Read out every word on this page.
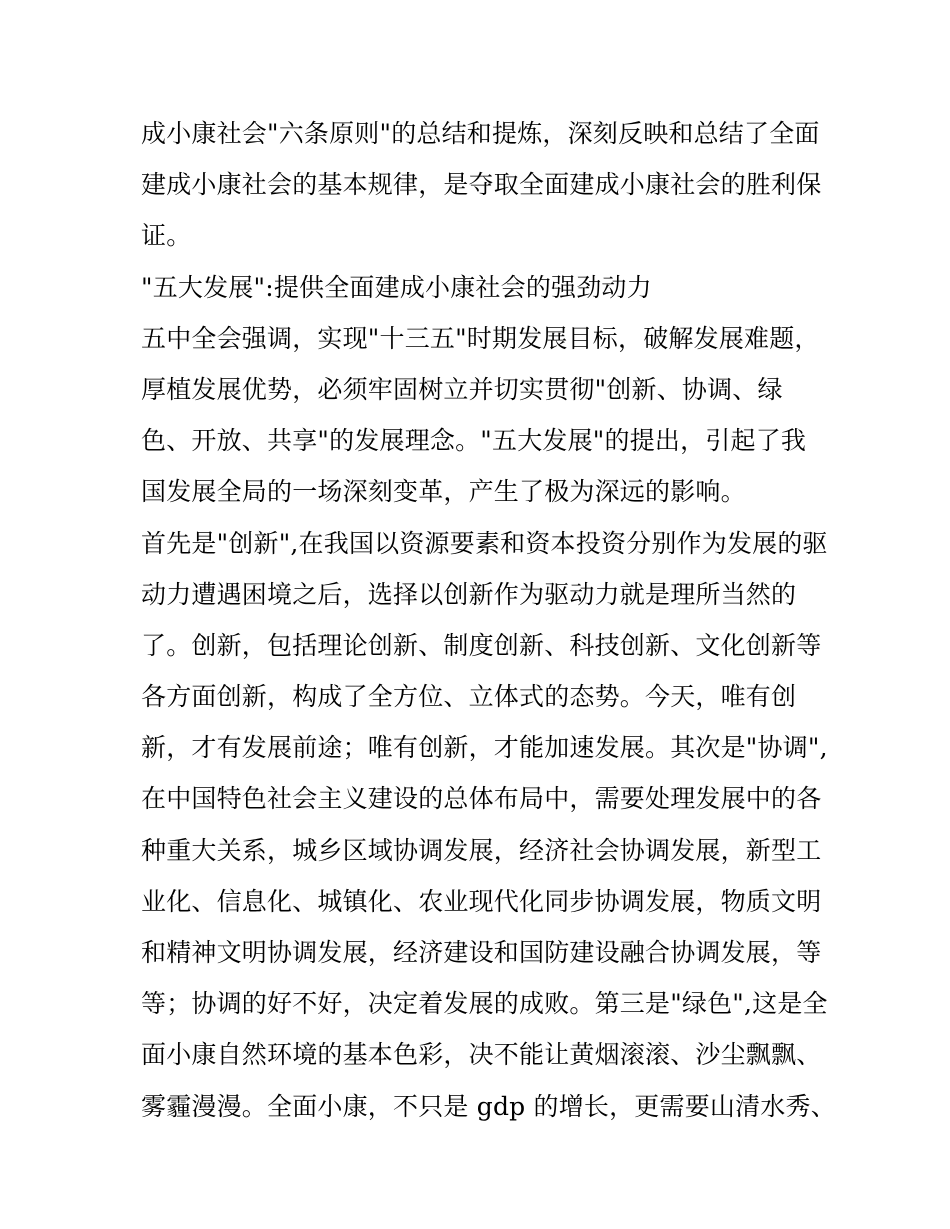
成小康社会"六条原则"的总结和提炼，深刻反映和总结了全面
建成小康社会的基本规律，是夺取全面建成小康社会的胜利保
证。
"五大发展":提供全面建成小康社会的强劲动力
五中全会强调，实现"十三五"时期发展目标，破解发展难题，
厚植发展优势，必须牢固树立并切实贯彻"创新、协调、绿
色、开放、共享"的发展理念。"五大发展"的提出，引起了我
国发展全局的一场深刻变革，产生了极为深远的影响。
首先是"创新",在我国以资源要素和资本投资分别作为发展的驱
动力遭遇困境之后，选择以创新作为驱动力就是理所当然的
了。创新，包括理论创新、制度创新、科技创新、文化创新等
各方面创新，构成了全方位、立体式的态势。今天，唯有创
新，才有发展前途；唯有创新，才能加速发展。其次是"协调",
在中国特色社会主义建设的总体布局中，需要处理发展中的各
种重大关系，城乡区域协调发展，经济社会协调发展，新型工
业化、信息化、城镇化、农业现代化同步协调发展，物质文明
和精神文明协调发展，经济建设和国防建设融合协调发展，等
等；协调的好不好，决定着发展的成败。第三是"绿色",这是全
面小康自然环境的基本色彩，决不能让黄烟滚滚、沙尘飘飘、
雾霾漫漫。全面小康，不只是 gdp 的增长，更需要山清水秀、
